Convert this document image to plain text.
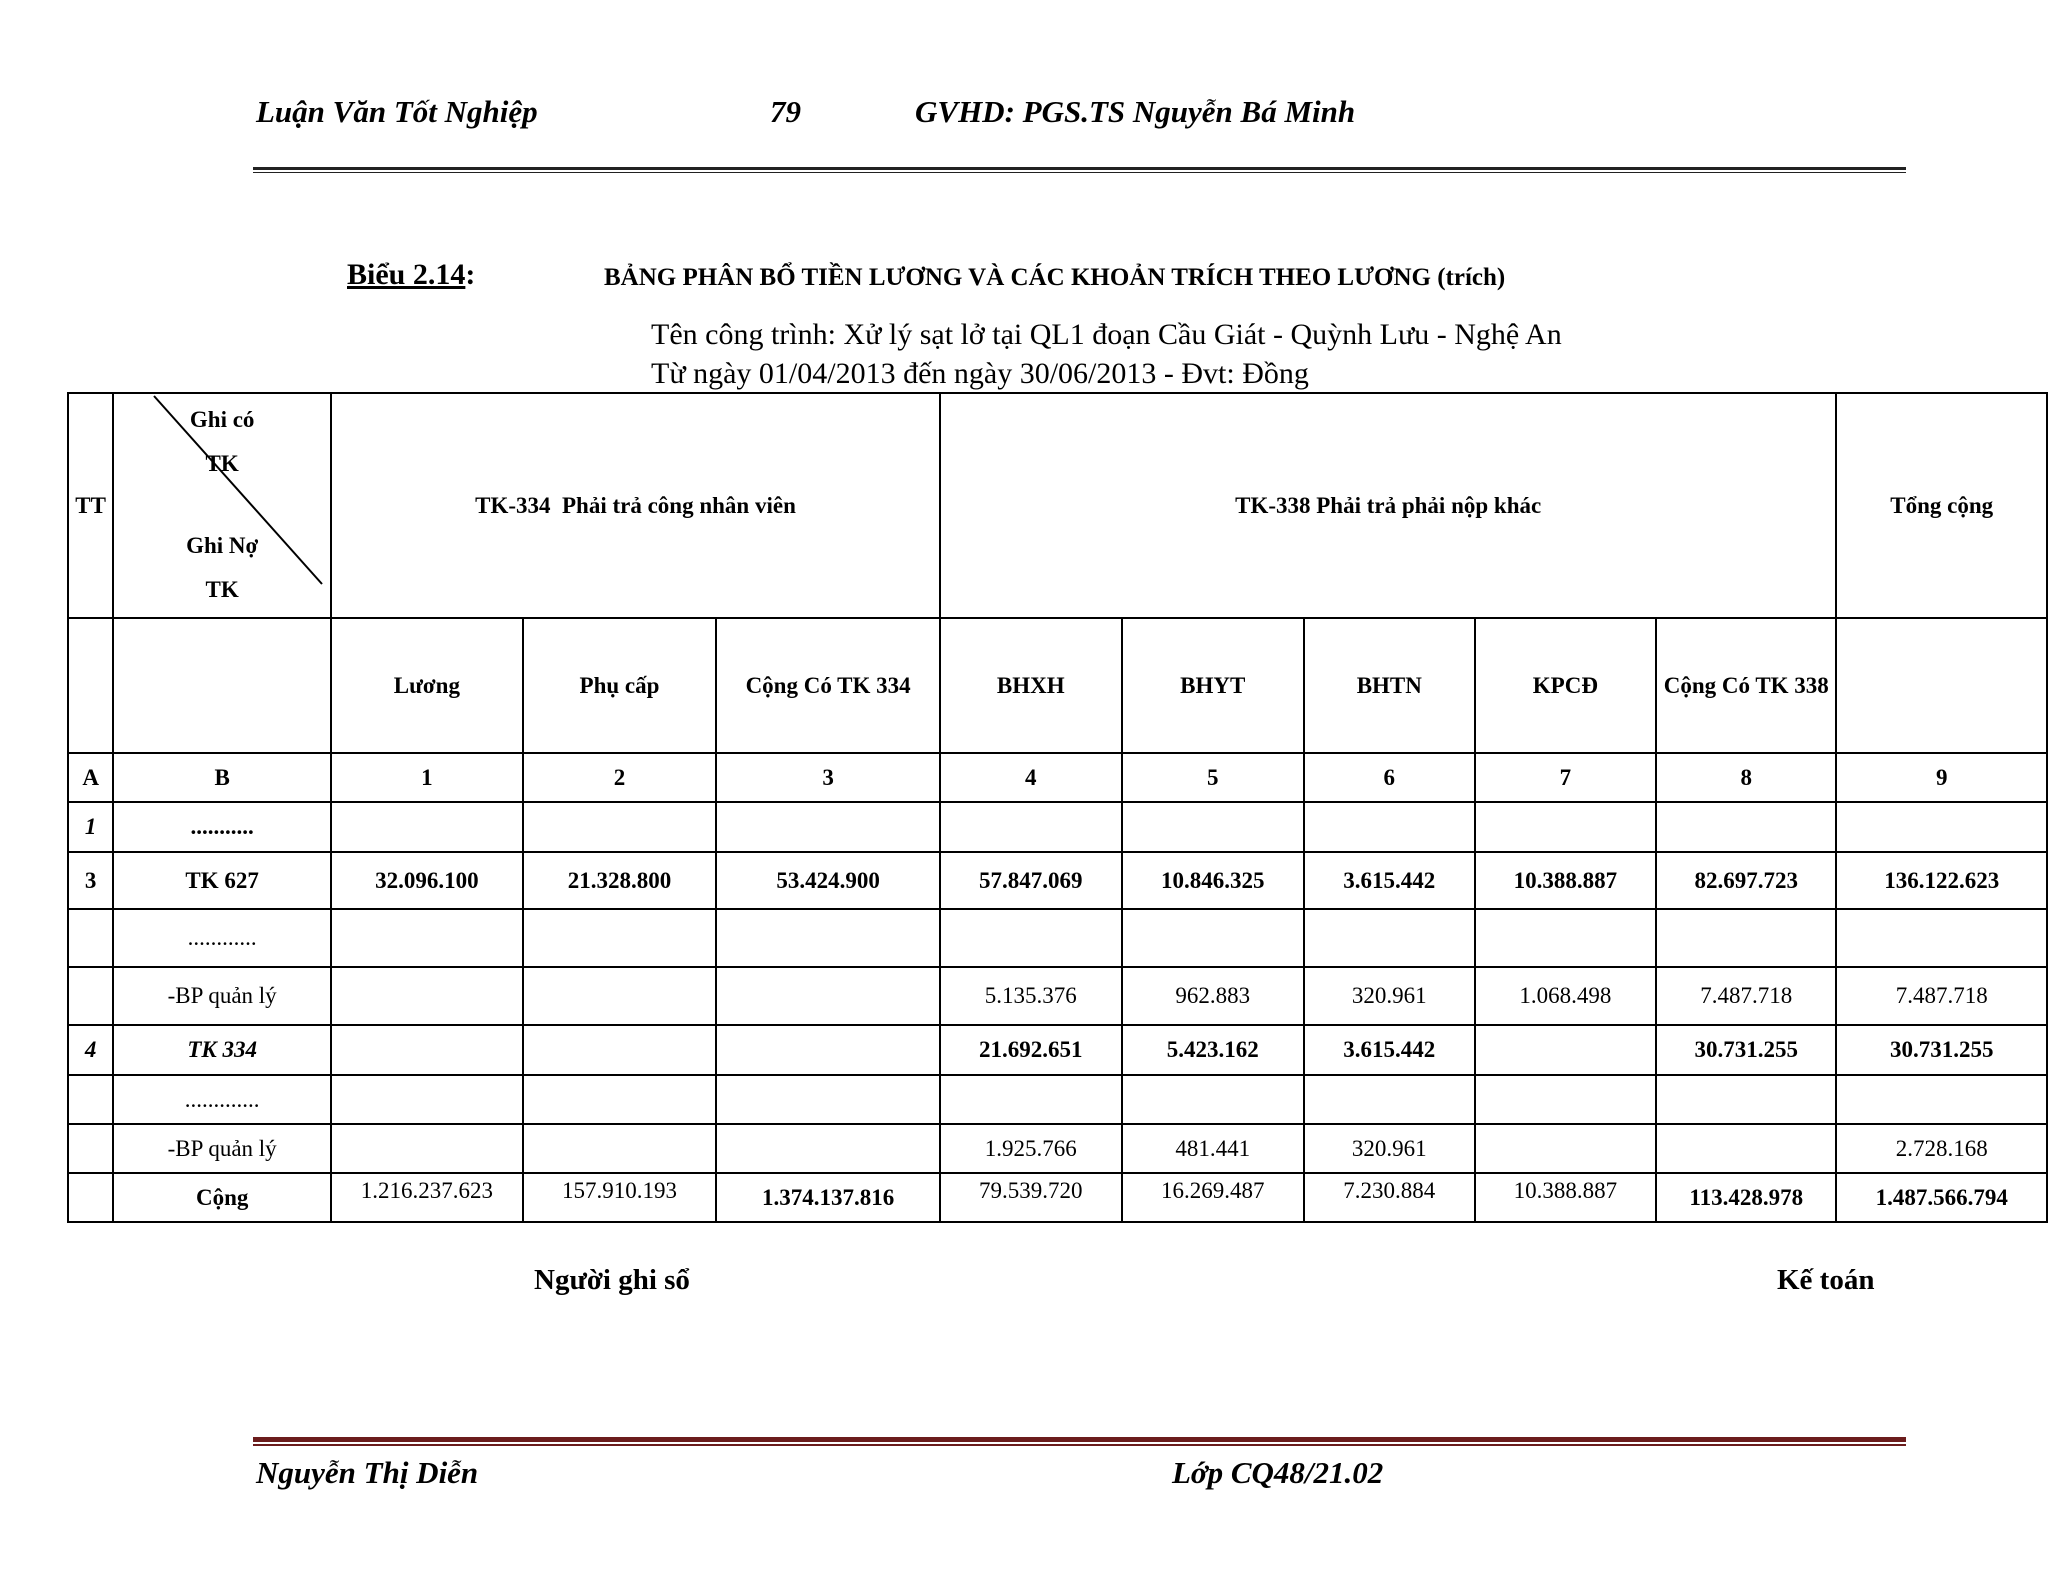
Luận Văn Tốt Nghiệp	79	GVHD: PGS.TS Nguyễn Bá Minh
Biểu 2.14:	BẢNG PHÂN BỔ TIỀN LƯƠNG VÀ CÁC KHOẢN TRÍCH THEO LƯƠNG (trích)
Tên công trình: Xử lý sạt lở tại QL1 đoạn Cầu Giát - Quỳnh Lưu - Nghệ An
Từ ngày 01/04/2013 đến ngày 30/06/2013 - Đvt: Đồng
TT	Ghi có
TK
Ghi Nợ
TK	TK-334  Phải trả công nhân viên			TK-338 Phải trả phải nộp khác					Tổng cộng
		Lương	Phụ cấp	Cộng Có TK 334	BHXH	BHYT	BHTN	KPCĐ	Cộng Có TK 338	
A	B	1	2	3	4	5	6	7	8	9
1	...........									
3	TK 627	32.096.100	21.328.800	53.424.900	57.847.069	10.846.325	3.615.442	10.388.887	82.697.723	136.122.623
	............									
	-BP quản lý				5.135.376	962.883	320.961	1.068.498	7.487.718	7.487.718
4	TK 334				21.692.651	5.423.162	3.615.442		30.731.255	30.731.255
	.............									
	-BP quản lý				1.925.766	481.441	320.961			2.728.168
	Cộng	1.216.237.623	157.910.193	1.374.137.816	79.539.720	16.269.487	7.230.884	10.388.887	113.428.978	1.487.566.794
Người ghi sổ	Kế toán
Nguyễn Thị Diễn	Lớp CQ48/21.02
